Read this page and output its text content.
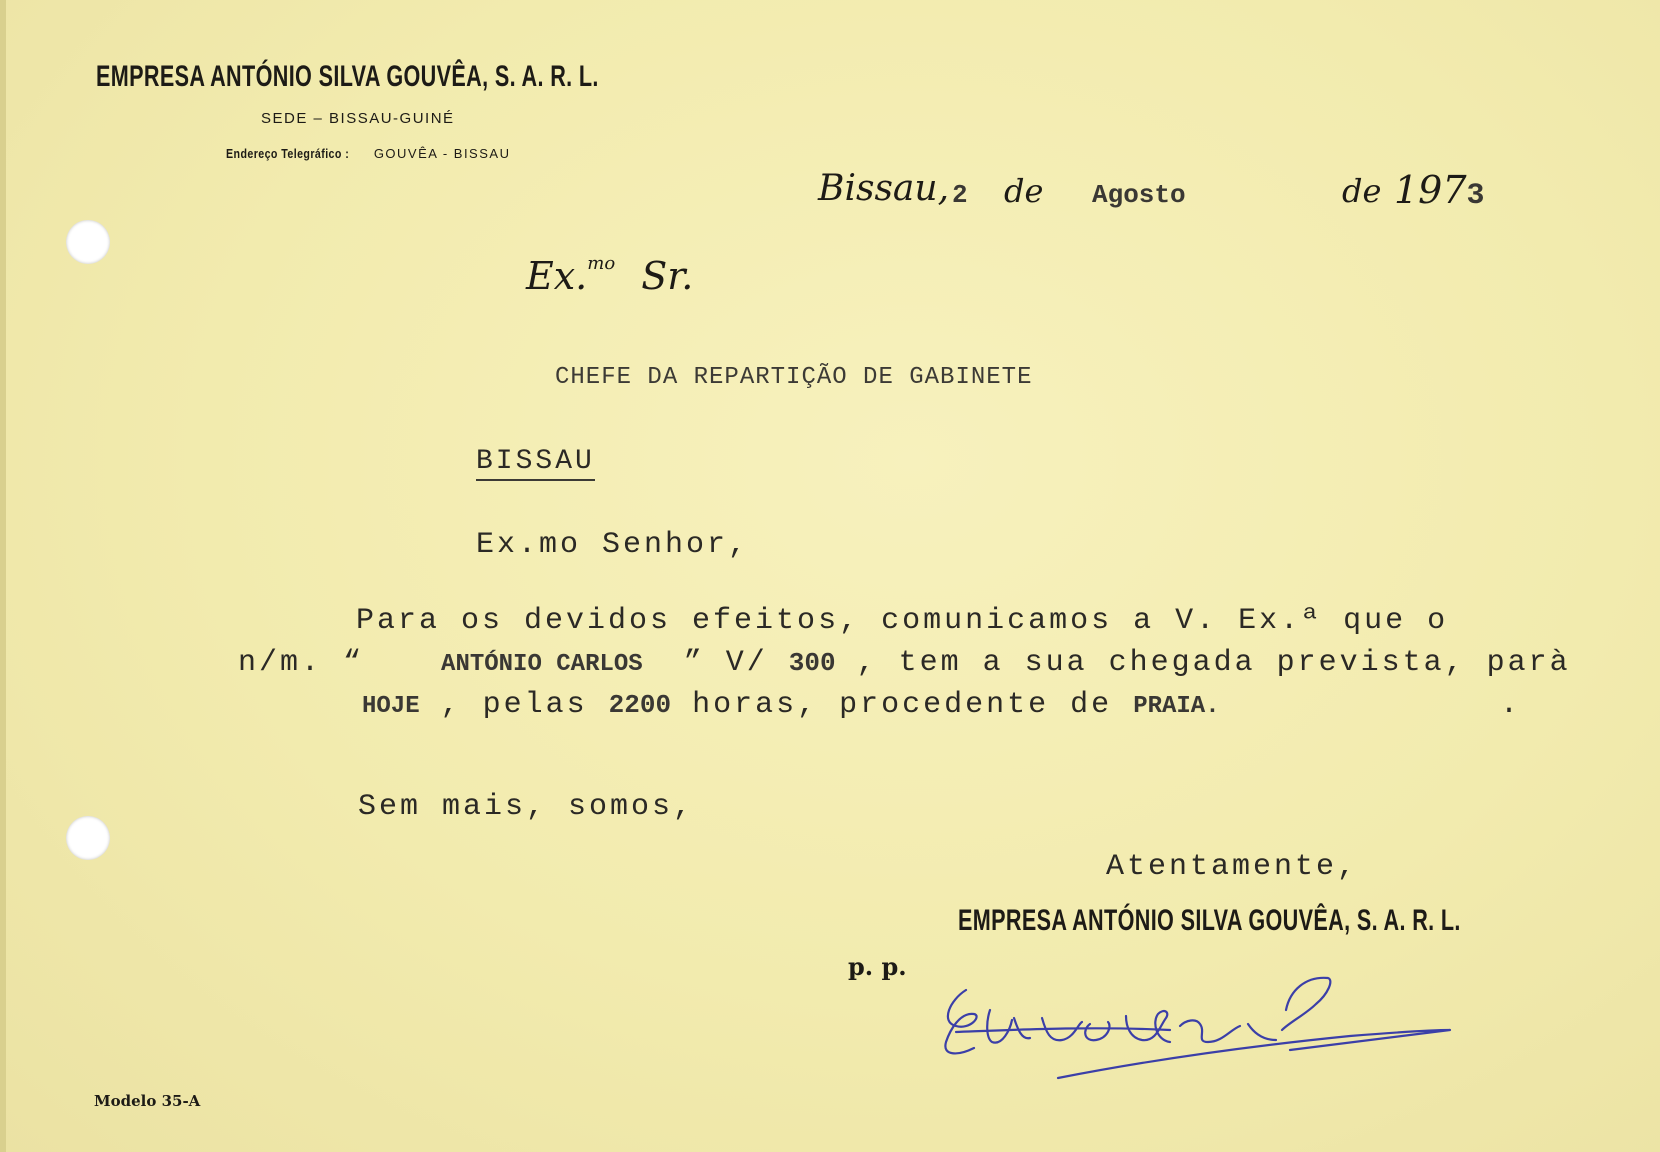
EMPRESA ANTÓNIO SILVA GOUVÊA, S. A. R. L.
SEDE – BISSAU-GUINÉ
Endereço Telegráfico : GOUVÊA - BISSAU
Bissau, 2 de Agosto	de 1973
Ex.$^{mo}$ Sr.
CHEFE DA REPARTIÇÃO DE GABINETE
BISSAU
Ex.mo Senhor,
Para os devidos efeitos, comunicamos a V. Ex.ª que o
n/m. “	ANTÓNIO CARLOS ” V/ 300 , tem a sua chegada prevista, parà
HOJE , pelas 2200 horas, procedente de PRAIA.	.
Sem mais, somos,
Atentamente,
EMPRESA ANTÓNIO SILVA GOUVÊA, S. A. R. L.
p. p.
Modelo 35-A
